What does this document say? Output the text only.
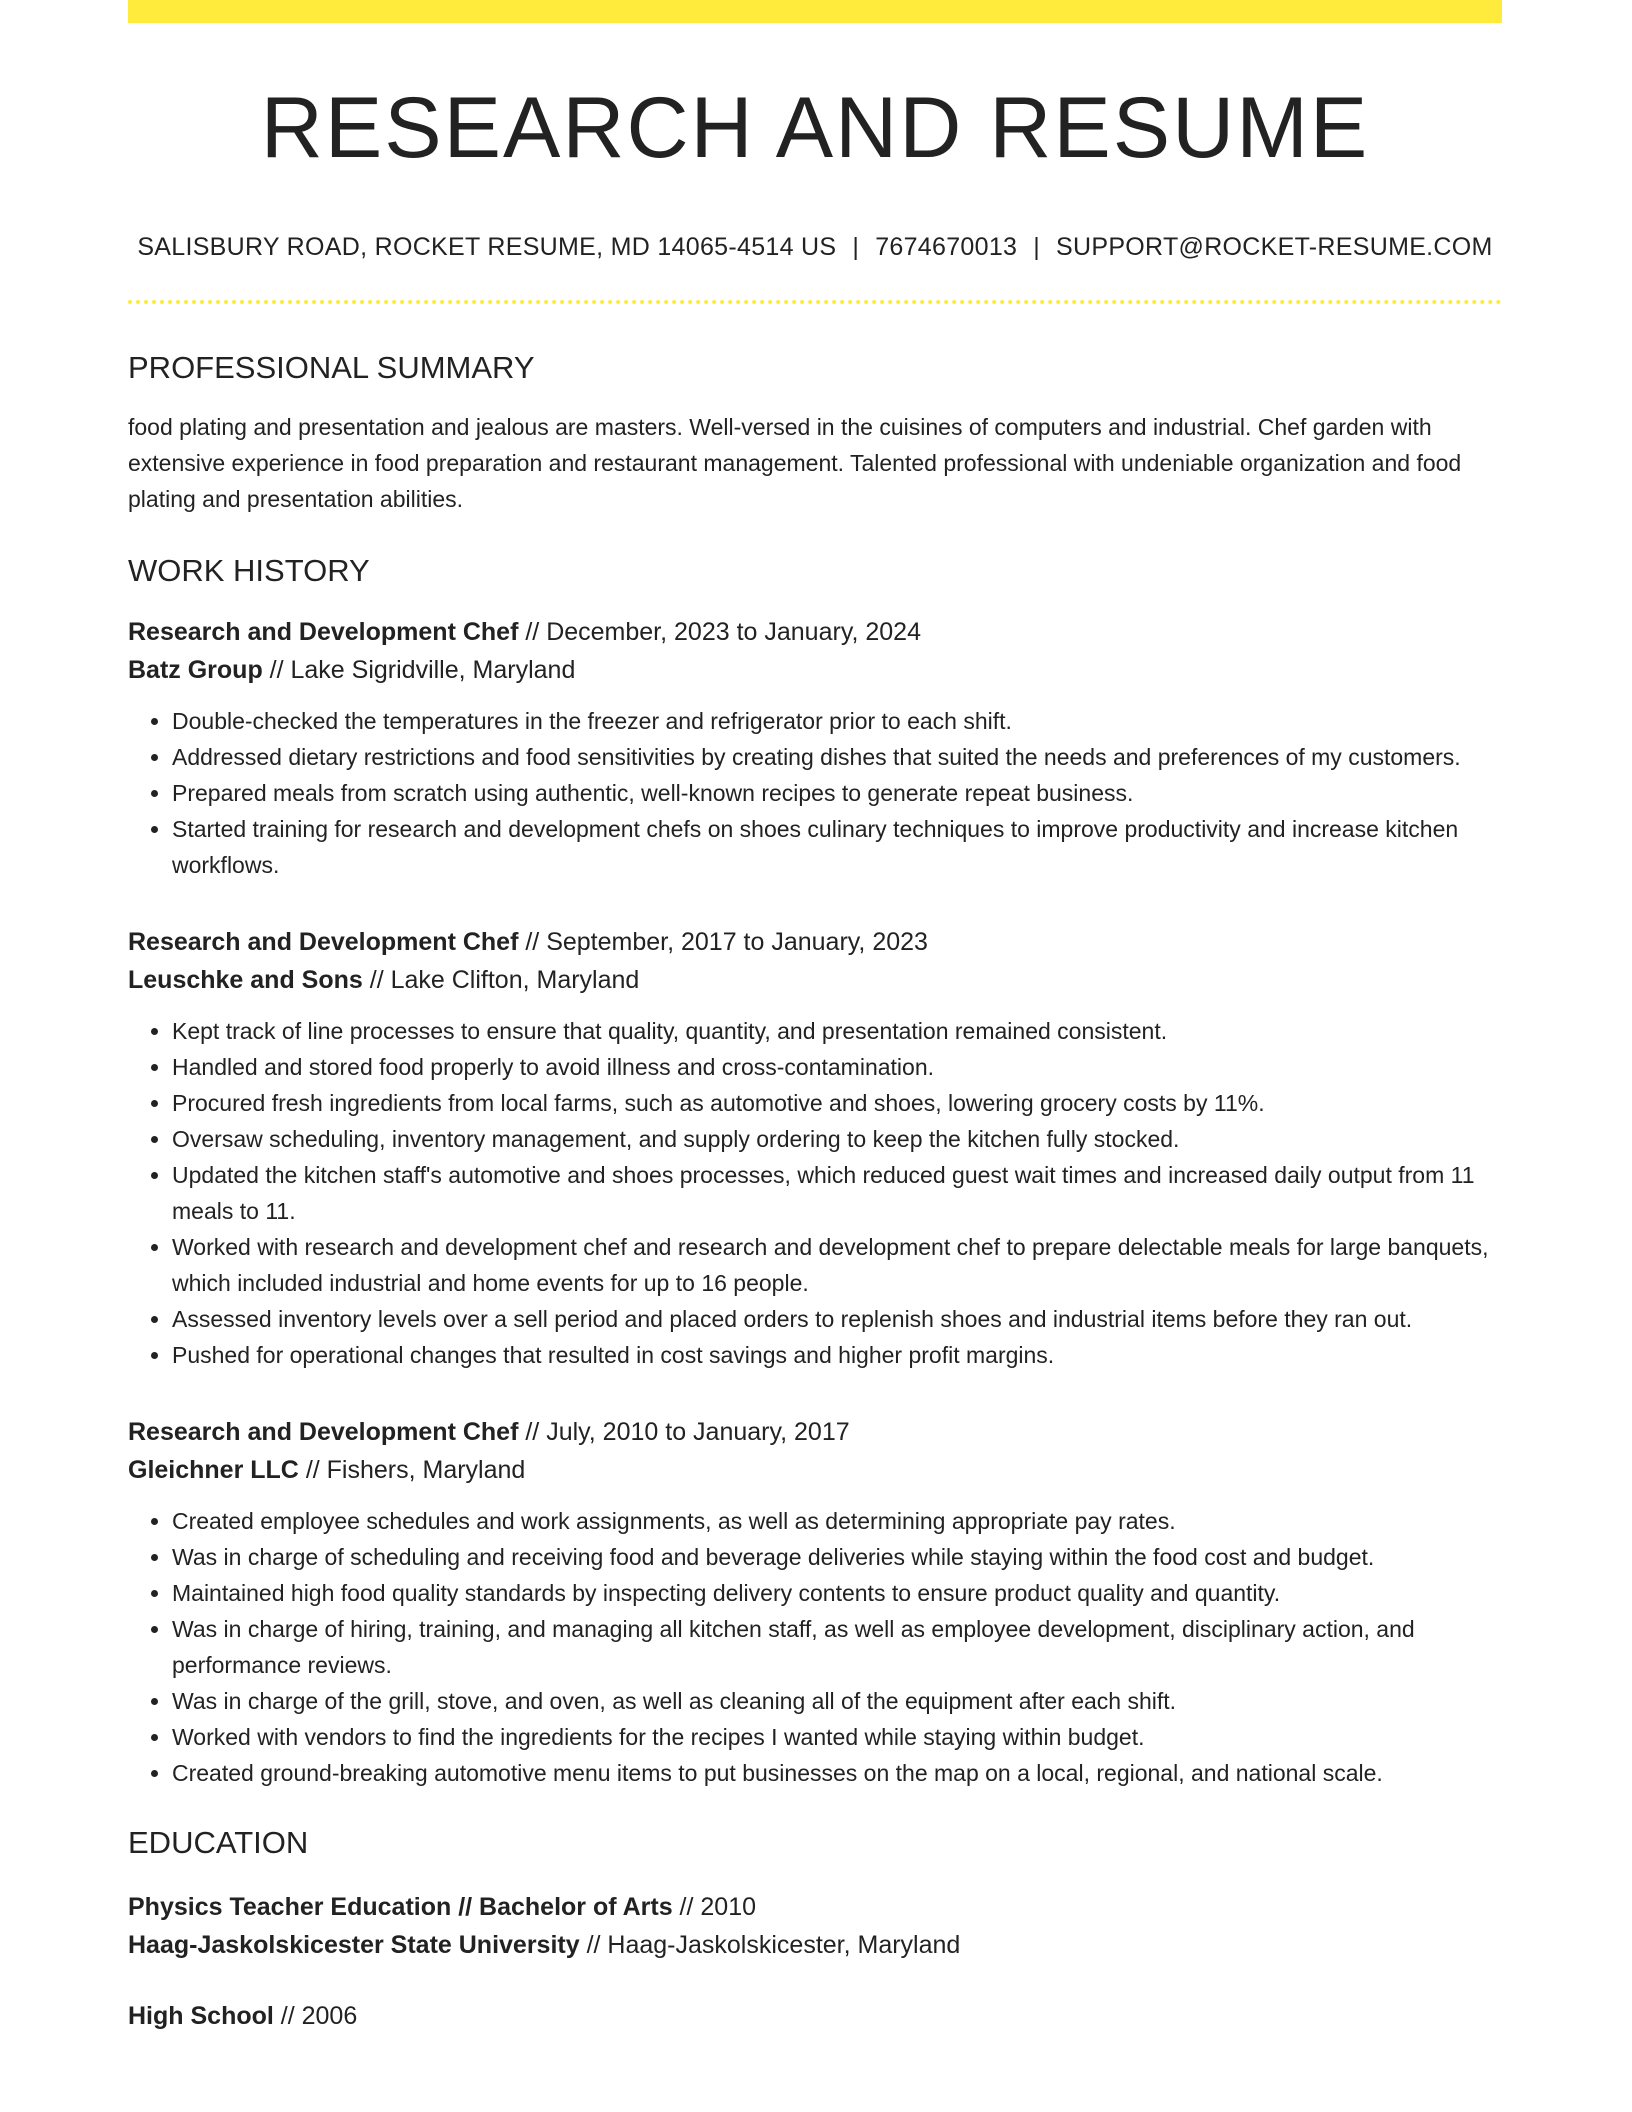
RESEARCH AND RESUME
SALISBURY ROAD, ROCKET RESUME, MD 14065-4514 US | 7674670013 | SUPPORT@ROCKET-RESUME.COM
PROFESSIONAL SUMMARY
food plating and presentation and jealous are masters. Well-versed in the cuisines of computers and industrial. Chef garden with extensive experience in food preparation and restaurant management. Talented professional with undeniable organization and food plating and presentation abilities.
WORK HISTORY
Research and Development Chef // December, 2023 to January, 2024
Batz Group // Lake Sigridville, Maryland
• Double-checked the temperatures in the freezer and refrigerator prior to each shift.
• Addressed dietary restrictions and food sensitivities by creating dishes that suited the needs and preferences of my customers.
• Prepared meals from scratch using authentic, well-known recipes to generate repeat business.
• Started training for research and development chefs on shoes culinary techniques to improve productivity and increase kitchen workflows.
Research and Development Chef // September, 2017 to January, 2023
Leuschke and Sons // Lake Clifton, Maryland
• Kept track of line processes to ensure that quality, quantity, and presentation remained consistent.
• Handled and stored food properly to avoid illness and cross-contamination.
• Procured fresh ingredients from local farms, such as automotive and shoes, lowering grocery costs by 11%.
• Oversaw scheduling, inventory management, and supply ordering to keep the kitchen fully stocked.
• Updated the kitchen staff's automotive and shoes processes, which reduced guest wait times and increased daily output from 11 meals to 11.
• Worked with research and development chef and research and development chef to prepare delectable meals for large banquets, which included industrial and home events for up to 16 people.
• Assessed inventory levels over a sell period and placed orders to replenish shoes and industrial items before they ran out.
• Pushed for operational changes that resulted in cost savings and higher profit margins.
Research and Development Chef // July, 2010 to January, 2017
Gleichner LLC // Fishers, Maryland
• Created employee schedules and work assignments, as well as determining appropriate pay rates.
• Was in charge of scheduling and receiving food and beverage deliveries while staying within the food cost and budget.
• Maintained high food quality standards by inspecting delivery contents to ensure product quality and quantity.
• Was in charge of hiring, training, and managing all kitchen staff, as well as employee development, disciplinary action, and performance reviews.
• Was in charge of the grill, stove, and oven, as well as cleaning all of the equipment after each shift.
• Worked with vendors to find the ingredients for the recipes I wanted while staying within budget.
• Created ground-breaking automotive menu items to put businesses on the map on a local, regional, and national scale.
EDUCATION
Physics Teacher Education // Bachelor of Arts // 2010
Haag-Jaskolskicester State University // Haag-Jaskolskicester, Maryland
High School // 2006
